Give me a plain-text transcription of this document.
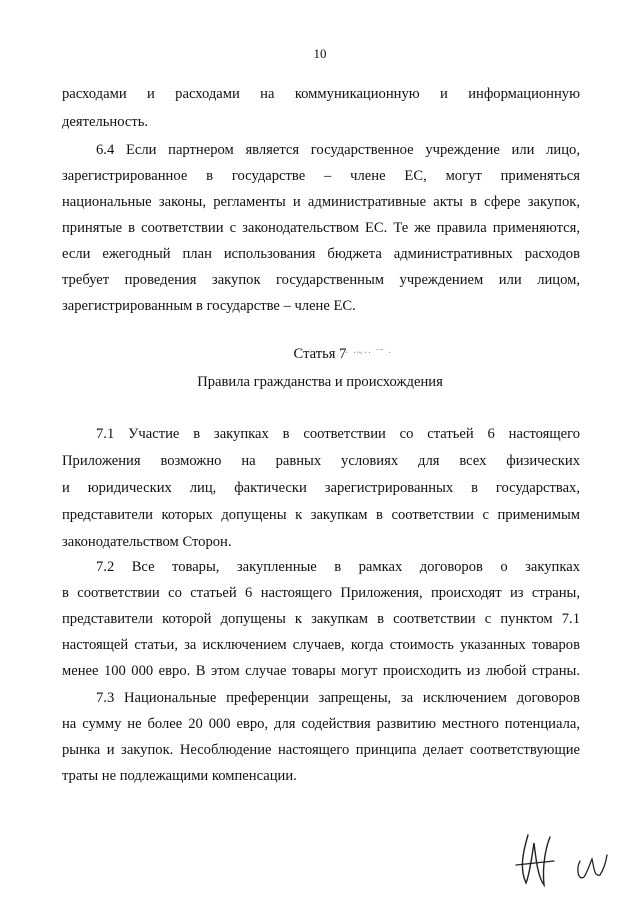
10
расходами и расходами на коммуникационную и информационную
деятельность.
6.4 Если партнером является государственное учреждение или лицо,
зарегистрированное в государстве – члене ЕС, могут применяться
национальные законы, регламенты и административные акты в сфере закупок,
принятые в соответствии с законодательством ЕС. Те же правила применяются,
если ежегодный план использования бюджета административных расходов
требует проведения закупок государственным учреждением или лицом,
зарегистрированным в государстве – члене ЕС.
Статья 7
· ·~·· ˉˉ ·
Правила гражданства и происхождения
7.1 Участие в закупках в соответствии со статьей 6 настоящего
Приложения возможно на равных условиях для всех физических
и юридических лиц, фактически зарегистрированных в государствах,
представители которых допущены к закупкам в соответствии с применимым
законодательством Сторон.
7.2 Все товары, закупленные в рамках договоров о закупках
в соответствии со статьей 6 настоящего Приложения, происходят из страны,
представители которой допущены к закупкам в соответствии с пунктом 7.1
настоящей статьи, за исключением случаев, когда стоимость указанных товаров
менее 100 000 евро. В этом случае товары могут происходить из любой страны.
7.3 Национальные преференции запрещены, за исключением договоров
на сумму не более 20 000 евро, для содействия развитию местного потенциала,
рынка и закупок. Несоблюдение настоящего принципа делает соответствующие
траты не подлежащими компенсации.
